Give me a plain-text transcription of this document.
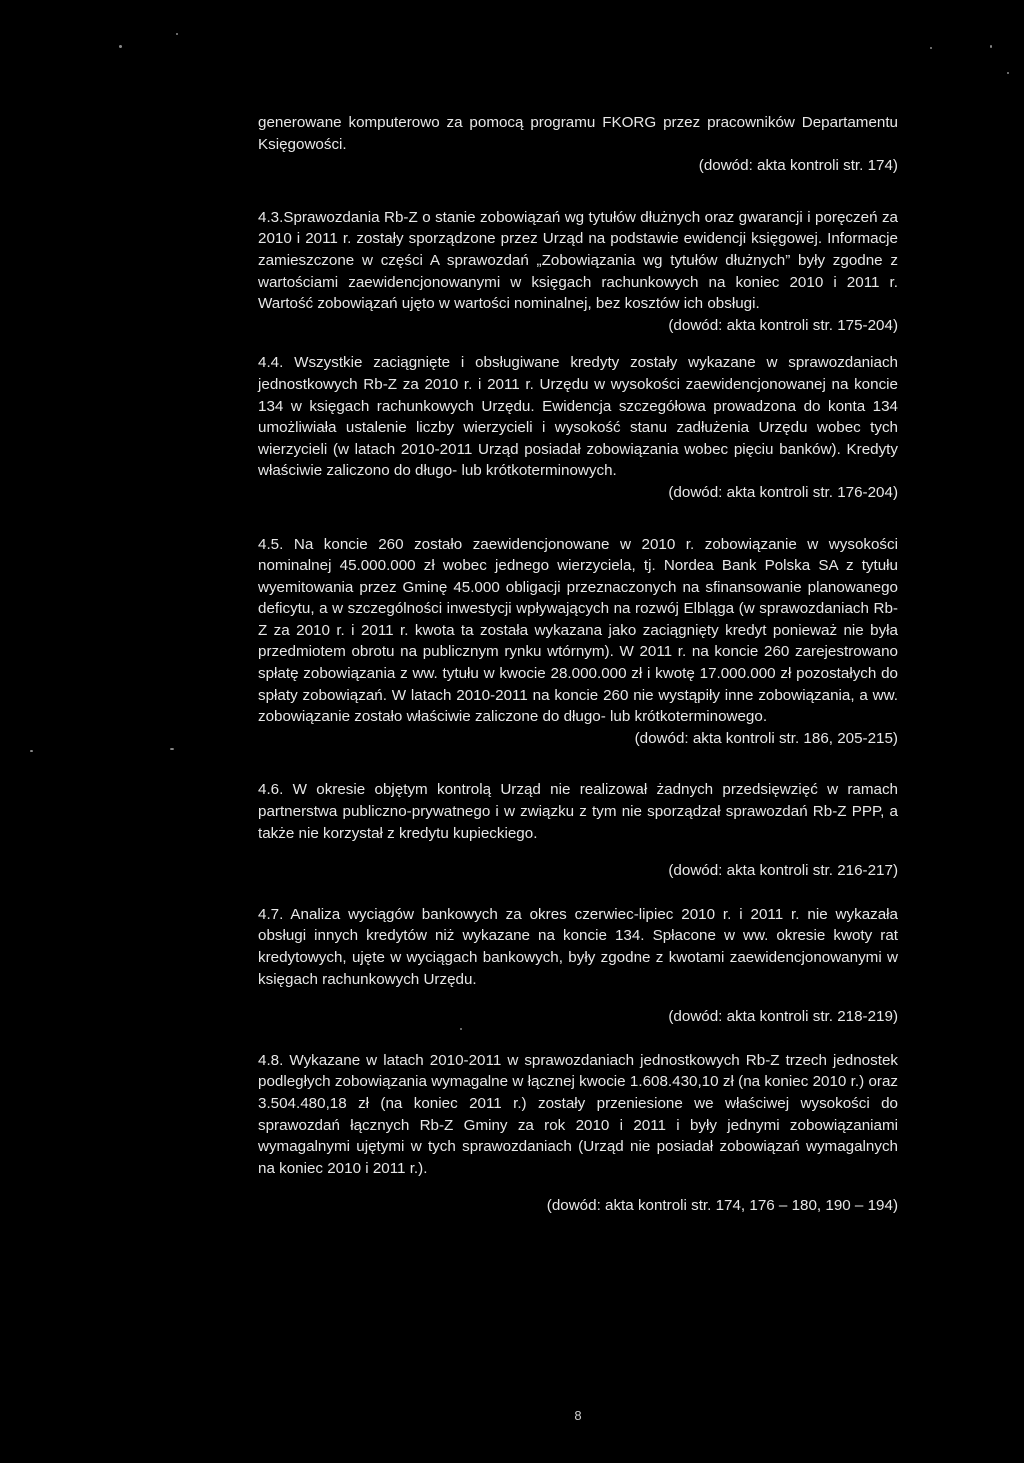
generowane komputerowo za pomocą programu FKORG przez pracowników Departamentu Księgowości.

(dowód: akta kontroli str. 174)

4.3.Sprawozdania Rb-Z o stanie zobowiązań wg tytułów dłużnych oraz gwarancji i poręczeń za 2010 i 2011 r. zostały sporządzone przez Urząd na podstawie ewidencji księgowej. Informacje zamieszczone w części A sprawozdań „Zobowiązania wg tytułów dłużnych” były zgodne z wartościami zaewidencjonowanymi w księgach rachunkowych na koniec 2010 i 2011 r. Wartość zobowiązań ujęto w wartości nominalnej, bez kosztów ich obsługi.

(dowód: akta kontroli str. 175-204)

4.4. Wszystkie zaciągnięte i obsługiwane kredyty zostały wykazane w sprawozdaniach jednostkowych Rb-Z za 2010 r. i 2011 r. Urzędu w wysokości zaewidencjonowanej na koncie 134 w księgach rachunkowych Urzędu. Ewidencja szczegółowa prowadzona do konta 134 umożliwiała ustalenie liczby wierzycieli i wysokość stanu zadłużenia Urzędu wobec tych wierzycieli (w latach 2010-2011 Urząd posiadał zobowiązania wobec pięciu banków). Kredyty właściwie zaliczono do długo- lub krótkoterminowych.

(dowód: akta kontroli str. 176-204)

4.5. Na koncie 260 zostało zaewidencjonowane w 2010 r. zobowiązanie w wysokości nominalnej 45.000.000 zł wobec jednego wierzyciela, tj. Nordea Bank Polska SA z tytułu wyemitowania przez Gminę 45.000 obligacji przeznaczonych na sfinansowanie planowanego deficytu, a w szczególności inwestycji wpływających na rozwój Elbląga (w sprawozdaniach Rb-Z za 2010 r. i 2011 r. kwota ta została wykazana jako zaciągnięty kredyt ponieważ nie była przedmiotem obrotu na publicznym rynku wtórnym). W 2011 r. na koncie 260 zarejestrowano spłatę zobowiązania z ww. tytułu w kwocie 28.000.000 zł i kwotę 17.000.000 zł pozostałych do spłaty zobowiązań. W latach 2010-2011 na koncie 260 nie wystąpiły inne zobowiązania, a ww. zobowiązanie zostało właściwie zaliczone do długo- lub krótkoterminowego.

(dowód: akta kontroli str. 186, 205-215)

4.6. W okresie objętym kontrolą Urząd nie realizował żadnych przedsięwzięć w ramach partnerstwa publiczno-prywatnego i w związku z tym nie sporządzał sprawozdań Rb-Z PPP, a także nie korzystał z kredytu kupieckiego.

(dowód: akta kontroli str. 216-217)

4.7. Analiza wyciągów bankowych za okres czerwiec-lipiec 2010 r. i 2011 r. nie wykazała obsługi innych kredytów niż wykazane na koncie 134. Spłacone w ww. okresie kwoty rat kredytowych, ujęte w wyciągach bankowych, były zgodne z kwotami zaewidencjonowanymi w księgach rachunkowych Urzędu.

(dowód: akta kontroli str. 218-219)

4.8. Wykazane w latach 2010-2011 w sprawozdaniach jednostkowych Rb-Z trzech jednostek podległych zobowiązania wymagalne w łącznej kwocie 1.608.430,10 zł (na koniec 2010 r.) oraz 3.504.480,18 zł (na koniec 2011 r.) zostały przeniesione we właściwej wysokości do sprawozdań łącznych Rb-Z Gminy za rok 2010 i 2011 i były jednymi zobowiązaniami wymagalnymi ujętymi w tych sprawozdaniach (Urząd nie posiadał zobowiązań wymagalnych na koniec 2010 i 2011 r.).

(dowód: akta kontroli str. 174, 176 – 180, 190 – 194)

8
